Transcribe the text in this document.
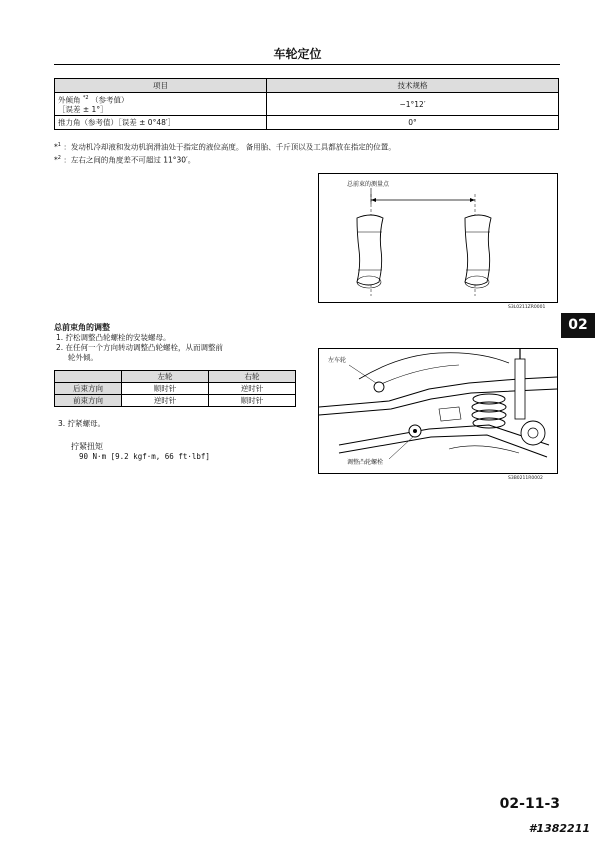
车轮定位
项目	技术规格
外倾角 $^{*2}$ （参考值）
［误差 ± 1°］	−1°12′
推力角（参考值）［误差 ± 0°48′］	0°
*$^1$ ：发动机冷却液和发动机润滑油处于指定的液位高度。 备用胎、千斤顶以及工具都放在指定的位置。
*$^2$ ：左右之间的角度差不可超过 11°30′。
总前束的测量点
S3L0211ZR0001
02
总前束角的调整
1. 拧松调整凸轮螺栓的安装螺母。
2. 在任何一个方向转动调整凸轮螺栓，从而调整前
轮外倾。
	左轮	右轮
后束方向	顺时针	逆时针
前束方向	逆时针	顺时针
3. 拧紧螺母。
拧紧扭矩
90 N·m [9.2 kgf·m, 66 ft·lbf]
左车轮
调整凸轮螺栓
S3B0211R0002
02-11-3
#1382211
